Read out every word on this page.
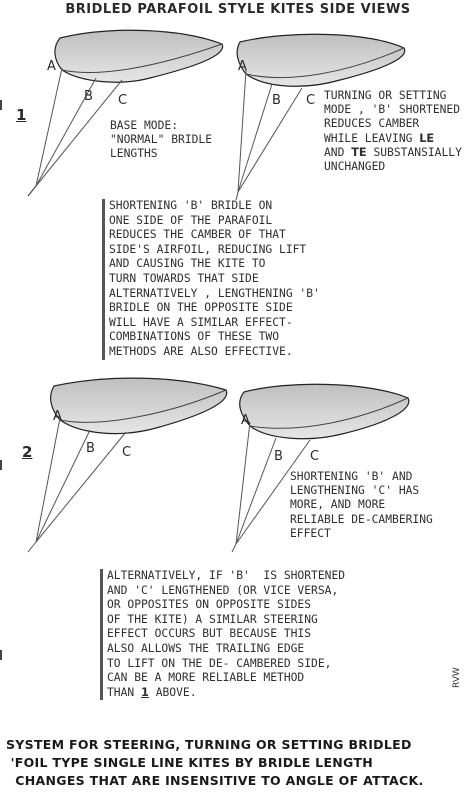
BRIDLED PARAFOIL STYLE KITES SIDE VIEWS
A
B C
A
B C
A
B C
A
B C
1
BASE MODE:
"NORMAL" BRIDLE
LENGTHS
TURNING OR SETTING
MODE , 'B' SHORTENED
REDUCES CAMBER
WHILE LEAVING LE
AND TE SUBSTANSIALLY
UNCHANGED
SHORTENING 'B' BRIDLE ON
ONE SIDE OF THE PARAFOIL
REDUCES THE CAMBER OF THAT
SIDE'S AIRFOIL, REDUCING LIFT
AND CAUSING THE KITE TO
TURN TOWARDS THAT SIDE
ALTERNATIVELY , LENGTHENING 'B'
BRIDLE ON THE OPPOSITE SIDE
WILL HAVE A SIMILAR EFFECT-
COMBINATIONS OF THESE TWO
METHODS ARE ALSO EFFECTIVE.
2
SHORTENING 'B' AND
LENGTHENING 'C' HAS
MORE, AND MORE
RELIABLE DE-CAMBERING
EFFECT
ALTERNATIVELY, IF 'B'  IS SHORTENED
AND 'C' LENGTHENED (OR VICE VERSA,
OR OPPOSITES ON OPPOSITE SIDES
OF THE KITE) A SIMILAR STEERING
EFFECT OCCURS BUT BECAUSE THIS
ALSO ALLOWS THE TRAILING EDGE
TO LIFT ON THE DE- CAMBERED SIDE,
CAN BE A MORE RELIABLE METHOD
THAN 1 ABOVE.
RVW
SYSTEM FOR STEERING, TURNING OR SETTING BRIDLED
'FOIL TYPE SINGLE LINE KITES BY BRIDLE LENGTH
CHANGES THAT ARE INSENSITIVE TO ANGLE OF ATTACK.
